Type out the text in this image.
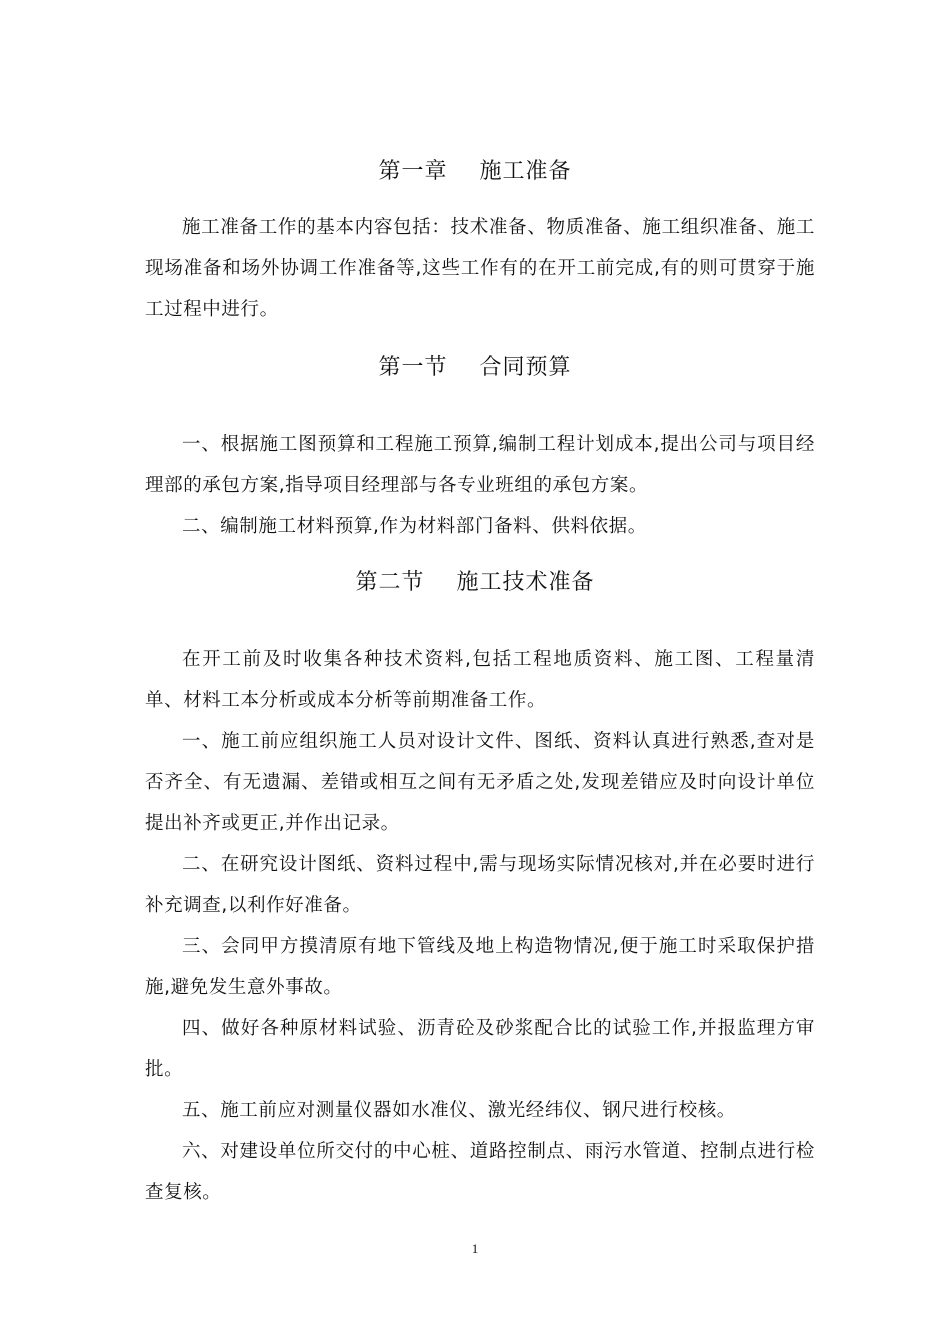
第一章    施工准备
施工准备工作的基本内容包括：技术准备、物质准备、施工组织准备、施工现场准备和场外协调工作准备等,这些工作有的在开工前完成,有的则可贯穿于施工过程中进行。
第一节    合同预算
一、根据施工图预算和工程施工预算,编制工程计划成本,提出公司与项目经理部的承包方案,指导项目经理部与各专业班组的承包方案。
二、编制施工材料预算,作为材料部门备料、供料依据。
第二节    施工技术准备
在开工前及时收集各种技术资料,包括工程地质资料、施工图、工程量清单、材料工本分析或成本分析等前期准备工作。
一、施工前应组织施工人员对设计文件、图纸、资料认真进行熟悉,查对是否齐全、有无遗漏、差错或相互之间有无矛盾之处,发现差错应及时向设计单位提出补齐或更正,并作出记录。
二、在研究设计图纸、资料过程中,需与现场实际情况核对,并在必要时进行补充调查,以利作好准备。
三、会同甲方摸清原有地下管线及地上构造物情况,便于施工时采取保护措施,避免发生意外事故。
四、做好各种原材料试验、沥青砼及砂浆配合比的试验工作,并报监理方审批。
五、施工前应对测量仪器如水准仪、激光经纬仪、钢尺进行校核。
六、对建设单位所交付的中心桩、道路控制点、雨污水管道、控制点进行检查复核。
1
